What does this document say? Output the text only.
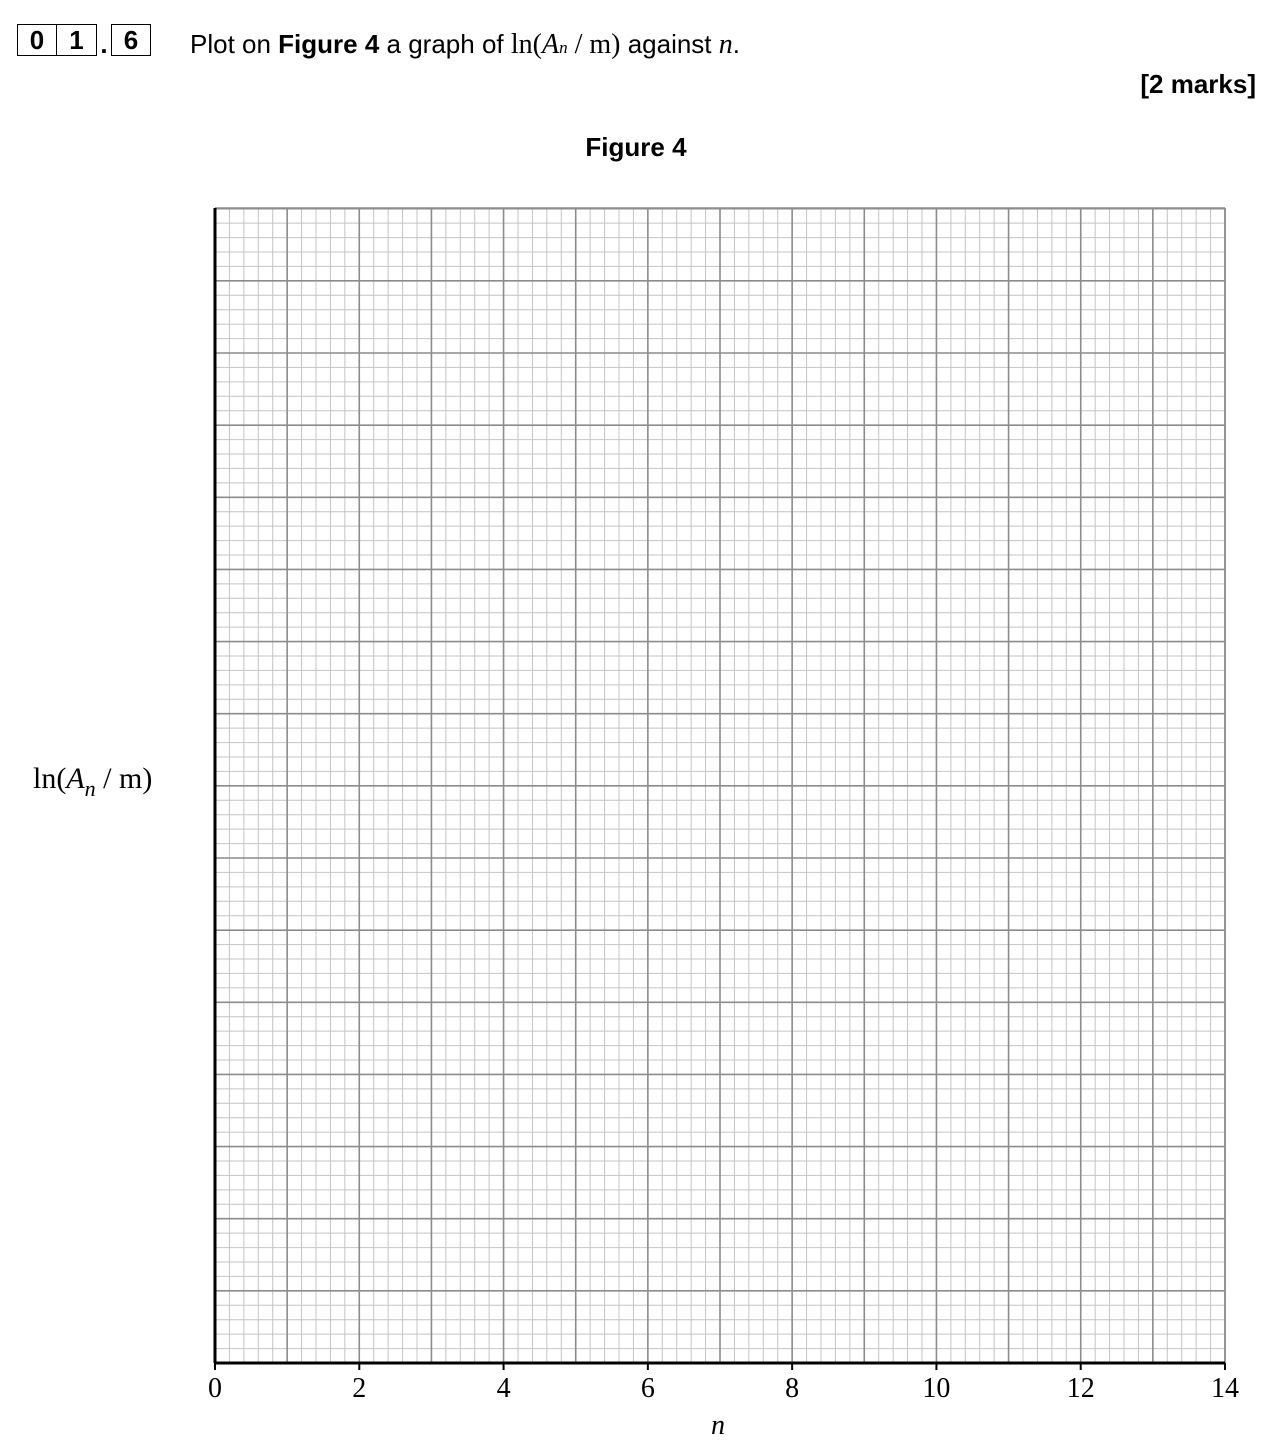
0 1 . 6	Plot on Figure 4 a graph of ln(An / m) against n.
[2 marks]
Figure 4
$\ln(A_n / m)$
n
0	2	4	6	8	10	12	14
